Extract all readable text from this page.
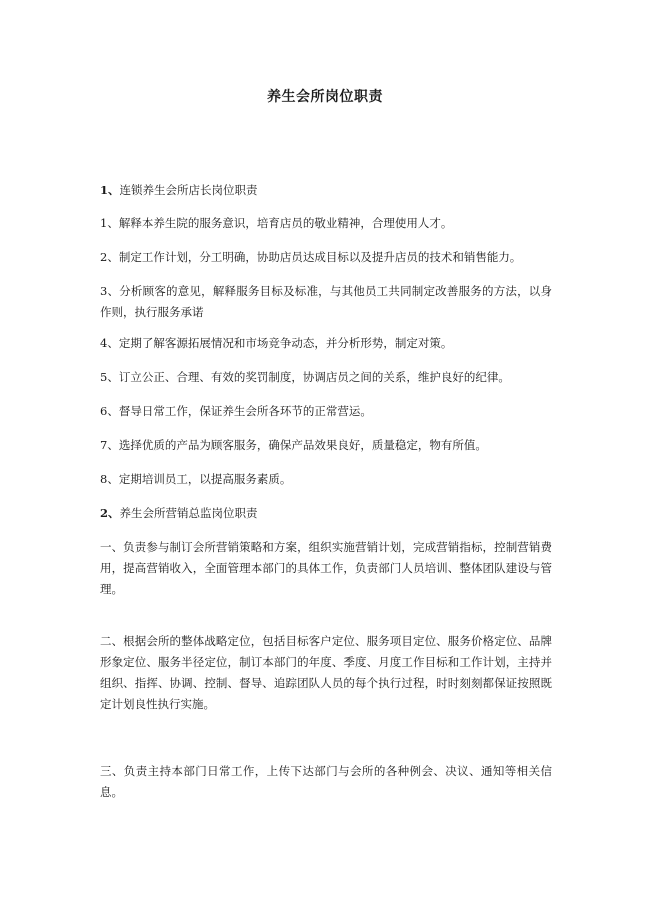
养生会所岗位职责

1、连锁养生会所店长岗位职责

1、解释本养生院的服务意识，培育店员的敬业精神，合理使用人才。

2、制定工作计划，分工明确，协助店员达成目标以及提升店员的技术和销售能力。

3、分析顾客的意见，解释服务目标及标准，与其他员工共同制定改善服务的方法，以身作则，执行服务承诺

4、定期了解客源拓展情况和市场竞争动态，并分析形势，制定对策。

5、订立公正、合理、有效的奖罚制度，协调店员之间的关系，维护良好的纪律。

6、督导日常工作，保证养生会所各环节的正常营运。

7、选择优质的产品为顾客服务，确保产品效果良好，质量稳定，物有所值。

8、定期培训员工，以提高服务素质。

2、养生会所营销总监岗位职责

一、负责参与制订会所营销策略和方案，组织实施营销计划，完成营销指标，控制营销费用，提高营销收入，全面管理本部门的具体工作，负责部门人员培训、整体团队建设与管理。

二、根据会所的整体战略定位，包括目标客户定位、服务项目定位、服务价格定位、品牌形象定位、服务半径定位，制订本部门的年度、季度、月度工作目标和工作计划，主持并组织、指挥、协调、控制、督导、追踪团队人员的每个执行过程，时时刻刻都保证按照既定计划良性执行实施。

三、负责主持本部门日常工作，上传下达部门与会所的各种例会、决议、通知等相关信息。
